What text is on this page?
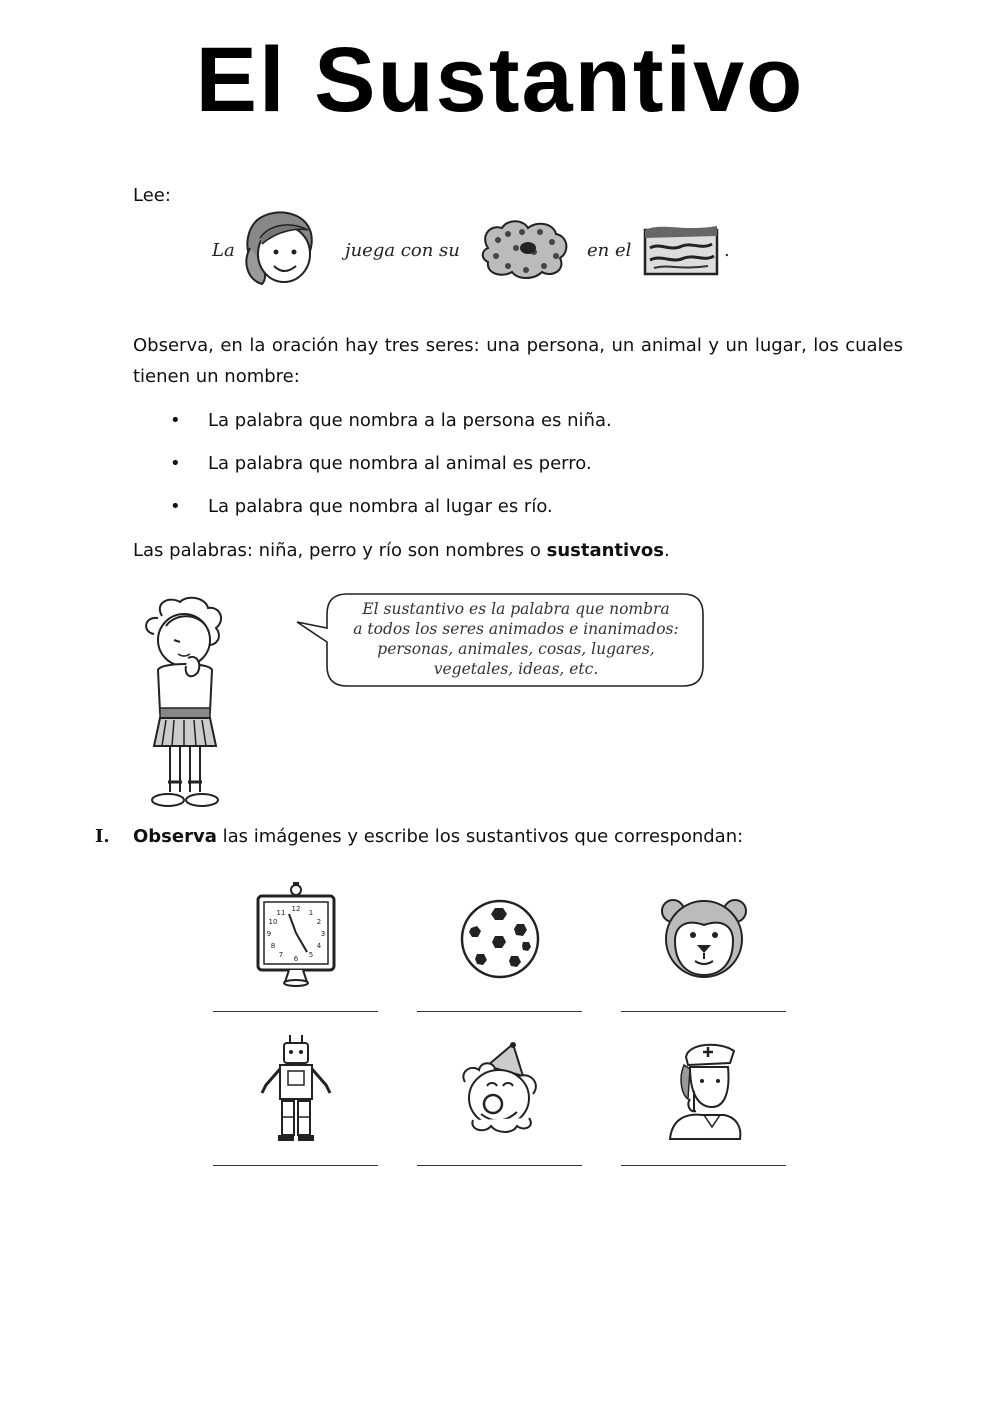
El Sustantivo
Lee:
La	juega con su	en el	.
Observa, en la oración hay tres seres: una persona, un animal y un lugar, los cuales tienen un nombre:
• La palabra que nombra a la persona es niña.
• La palabra que nombra al animal es perro.
• La palabra que nombra al lugar es río.
Las palabras: niña, perro y río son nombres o sustantivos.
El sustantivo es la palabra que nombra
a todos los seres animados e inanimados:
personas, animales, cosas, lugares,
vegetales, ideas, etc.
I. Observa las imágenes y escribe los sustantivos que correspondan:
12
6
9	3
1
2
4
5
7
8
10
11
